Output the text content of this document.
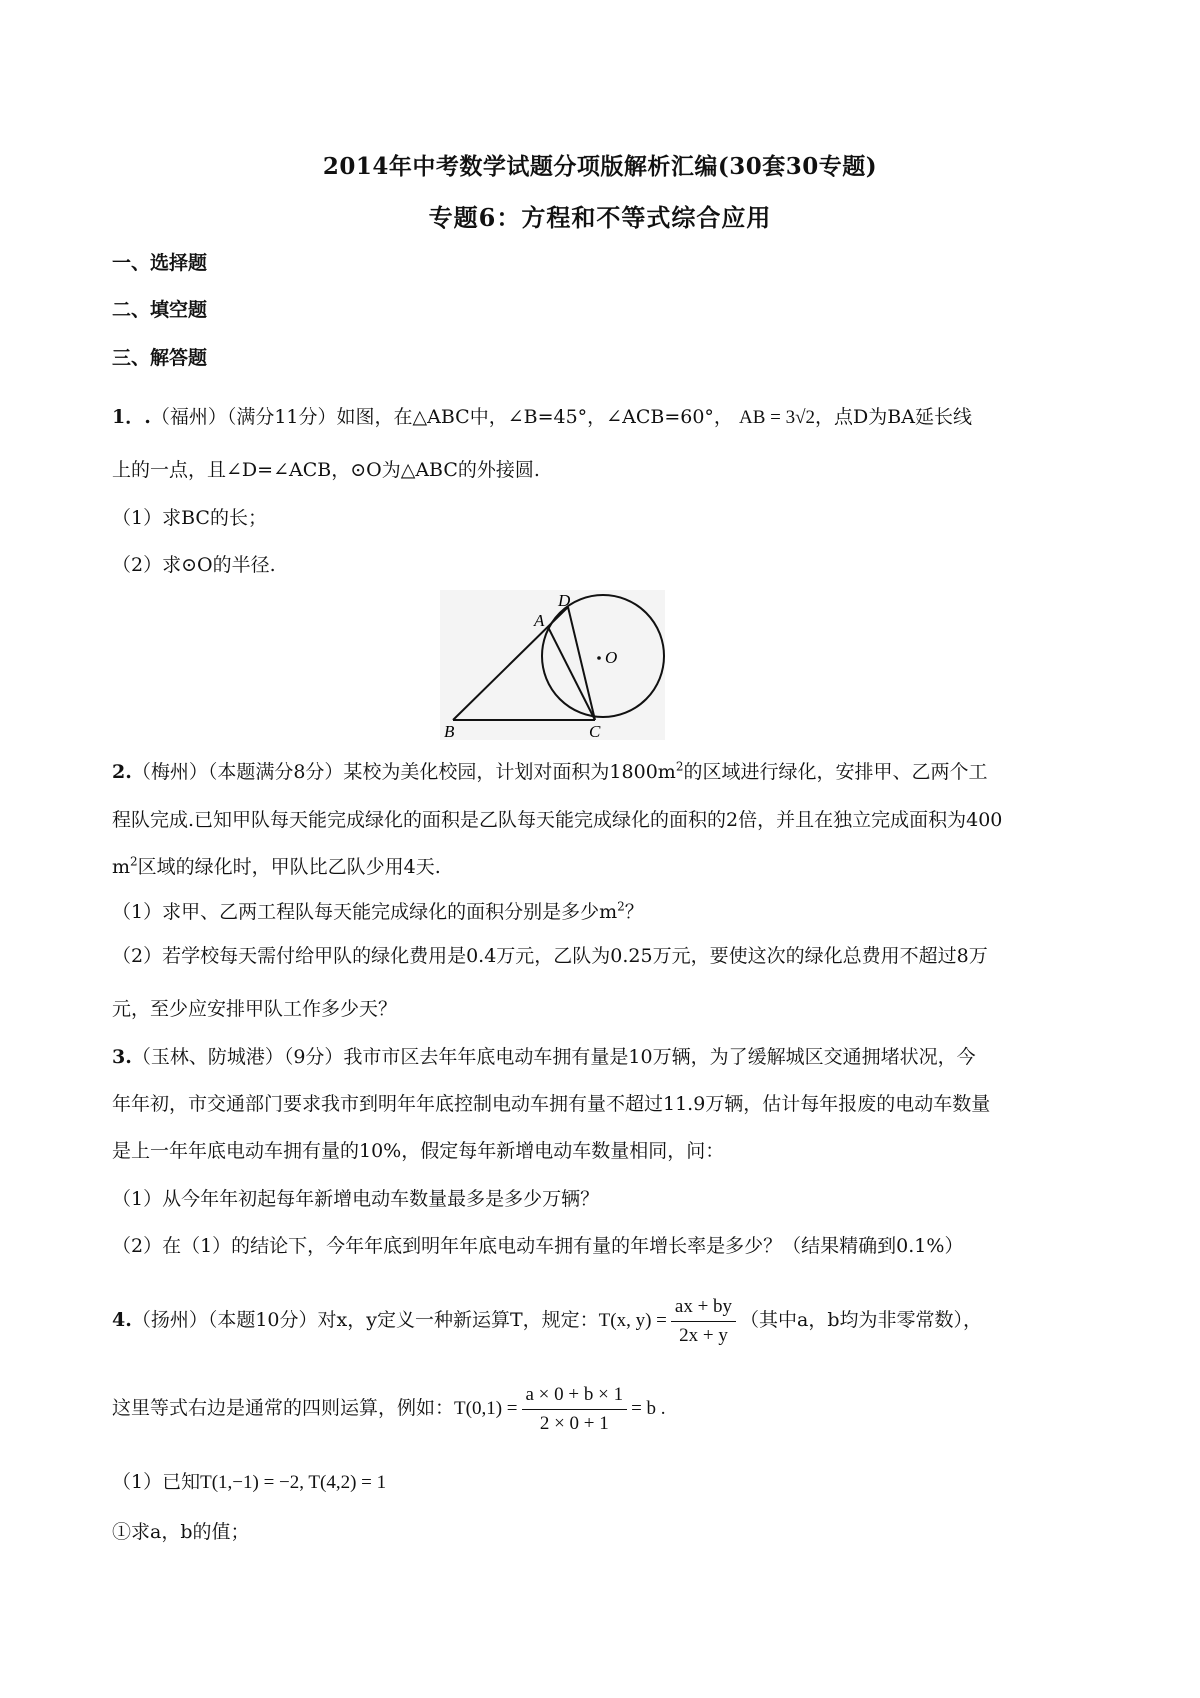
2014年中考数学试题分项版解析汇编(30套30专题)
专题6：方程和不等式综合应用
一、选择题
二、填空题
三、解答题
1．.（福州）（满分11分）如图，在△ABC中，∠B=45°，∠ACB=60°， AB = 3√2，点D为BA延长线
上的一点，且∠D=∠ACB，⊙O为△ABC的外接圆.
（1）求BC的长；
（2）求⊙O的半径.
D
A
O
B	C
2.（梅州）（本题满分8分）某校为美化校园，计划对面积为$1800m^2$的区域进行绿化，安排甲、乙两个工
程队完成.已知甲队每天能完成绿化的面积是乙队每天能完成绿化的面积的2倍，并且在独立完成面积为400
$m^2$区域的绿化时，甲队比乙队少用4天.
（1）求甲、乙两工程队每天能完成绿化的面积分别是多少$m^2$？
（2）若学校每天需付给甲队的绿化费用是0.4万元，乙队为0.25万元，要使这次的绿化总费用不超过8万
元，至少应安排甲队工作多少天？
3.（玉林、防城港）（9分）我市市区去年年底电动车拥有量是10万辆，为了缓解城区交通拥堵状况，今
年年初，市交通部门要求我市到明年年底控制电动车拥有量不超过11.9万辆，估计每年报废的电动车数量
是上一年年底电动车拥有量的10%，假定每年新增电动车数量相同，问：
（1）从今年年初起每年新增电动车数量最多是多少万辆？
（2）在（1）的结论下，今年年底到明年年底电动车拥有量的年增长率是多少？（结果精确到0.1%）
4.（扬州）（本题10分）对x，y定义一种新运算T，规定：T(x, $y) = \frac{ax + by}{2x + y}$ （其中a，b均为非零常数），
这里等式右边是通常的四则运算，例如：$T(0,1) = \frac{a \times 0 + b \times 1}{2 \times 0 + 1} = b$ .
（1）已知T(1,−1) = −2, T(4,2) = 1
①求a，b的值；
